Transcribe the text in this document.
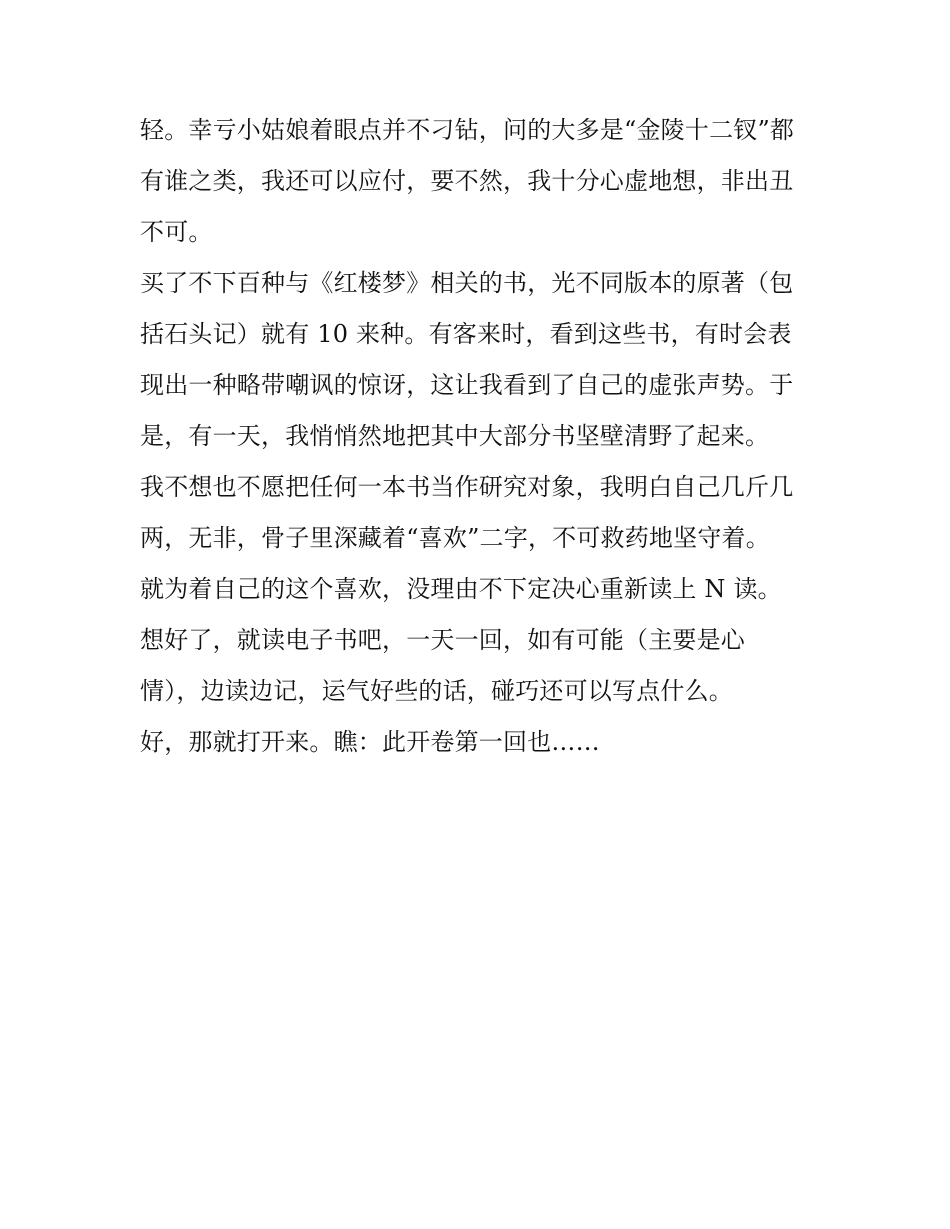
轻。幸亏小姑娘着眼点并不刁钻，问的大多是“金陵十二钗”都
有谁之类，我还可以应付，要不然，我十分心虚地想，非出丑
不可。
买了不下百种与《红楼梦》相关的书，光不同版本的原著（包
括石头记）就有 10 来种。有客来时，看到这些书，有时会表
现出一种略带嘲讽的惊讶，这让我看到了自己的虚张声势。于
是，有一天，我悄悄然地把其中大部分书坚壁清野了起来。
我不想也不愿把任何一本书当作研究对象，我明白自己几斤几
两，无非，骨子里深藏着“喜欢”二字，不可救药地坚守着。
就为着自己的这个喜欢，没理由不下定决心重新读上 N 读。
想好了，就读电子书吧，一天一回，如有可能（主要是心
情），边读边记，运气好些的话，碰巧还可以写点什么。
好，那就打开来。瞧：此开卷第一回也……
